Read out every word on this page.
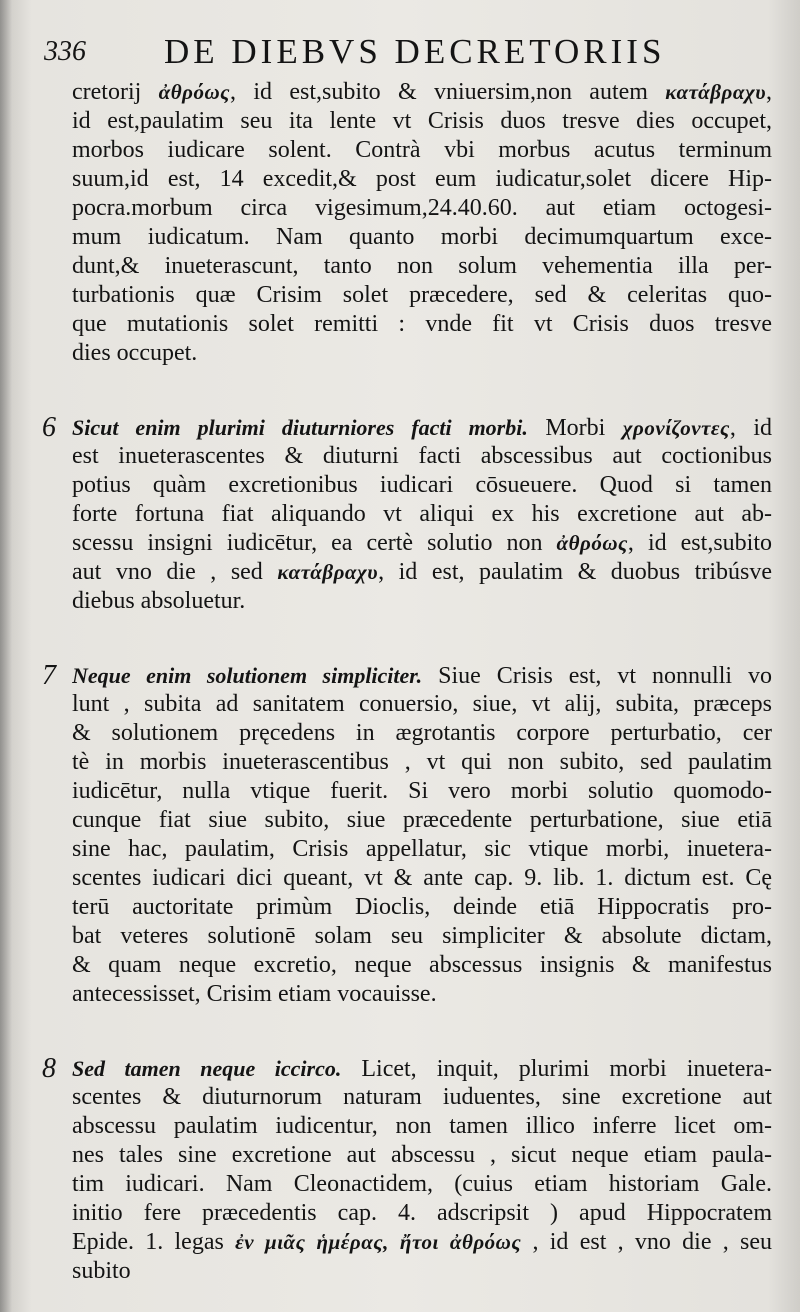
336 DE DIEBVS DECRETORIIS
cretorij ἀθρόως, id est,subito & vniuersim,non autem κατάβραχυ,
id est,paulatim seu ita lente vt Crisis duos tresve dies occupet,
morbos iudicare solent. Contrà vbi morbus acutus terminum
suum,id est, 14 excedit,& post eum iudicatur,solet dicere Hip-
pocra.morbum circa vigesimum,24.40.60. aut etiam octogesi-
mum iudicatum. Nam quanto morbi decimumquartum exce-
dunt,& inueterascunt, tanto non solum vehementia illa per-
turbationis quæ Crisim solet præcedere, sed & celeritas quo-
que mutationis solet remitti : vnde fit vt Crisis duos tresve
dies occupet.
6 Sicut enim plurimi diuturniores facti morbi. Morbi χρονίζοντες, id
est inueterascentes & diuturni facti abscessibus aut coctionibus
potius quàm excretionibus iudicari cōsueuere. Quod si tamen
forte fortuna fiat aliquando vt aliqui ex his excretione aut ab-
scessu insigni iudicētur, ea certè solutio non ἀθρόως, id est,subito
aut vno die , sed κατάβραχυ, id est, paulatim & duobus tribúsve
diebus absoluetur.
7 Neque enim solutionem simpliciter. Siue Crisis est, vt nonnulli vo
lunt , subita ad sanitatem conuersio, siue, vt alij, subita, præceps
& solutionem pręcedens in ægrotantis corpore perturbatio, cer
tè in morbis inueterascentibus , vt qui non subito, sed paulatim
iudicētur, nulla vtique fuerit. Si vero morbi solutio quomodo-
cunque fiat siue subito, siue præcedente perturbatione, siue etiā
sine hac, paulatim, Crisis appellatur, sic vtique morbi, inuetera-
scentes iudicari dici queant, vt & ante cap. 9. lib. 1. dictum est. Cę
terū auctoritate primùm Dioclis, deinde etiā Hippocratis pro-
bat veteres solutionē solam seu simpliciter & absolute dictam,
& quam neque excretio, neque abscessus insignis & manifestus
antecessisset, Crisim etiam vocauisse.
8 Sed tamen neque iccirco. Licet, inquit, plurimi morbi inuetera-
scentes & diuturnorum naturam iuduentes, sine excretione aut
abscessu paulatim iudicentur, non tamen illico inferre licet om-
nes tales sine excretione aut abscessu , sicut neque etiam paula-
tim iudicari. Nam Cleonactidem, (cuius etiam historiam Gale.
initio fere præcedentis cap. 4. adscripsit ) apud Hippocratem
Epide. 1. legas ἐν μιᾶς ἡμέρας, ἤτοι ἀθρόως , id est , vno die , seu
subito
